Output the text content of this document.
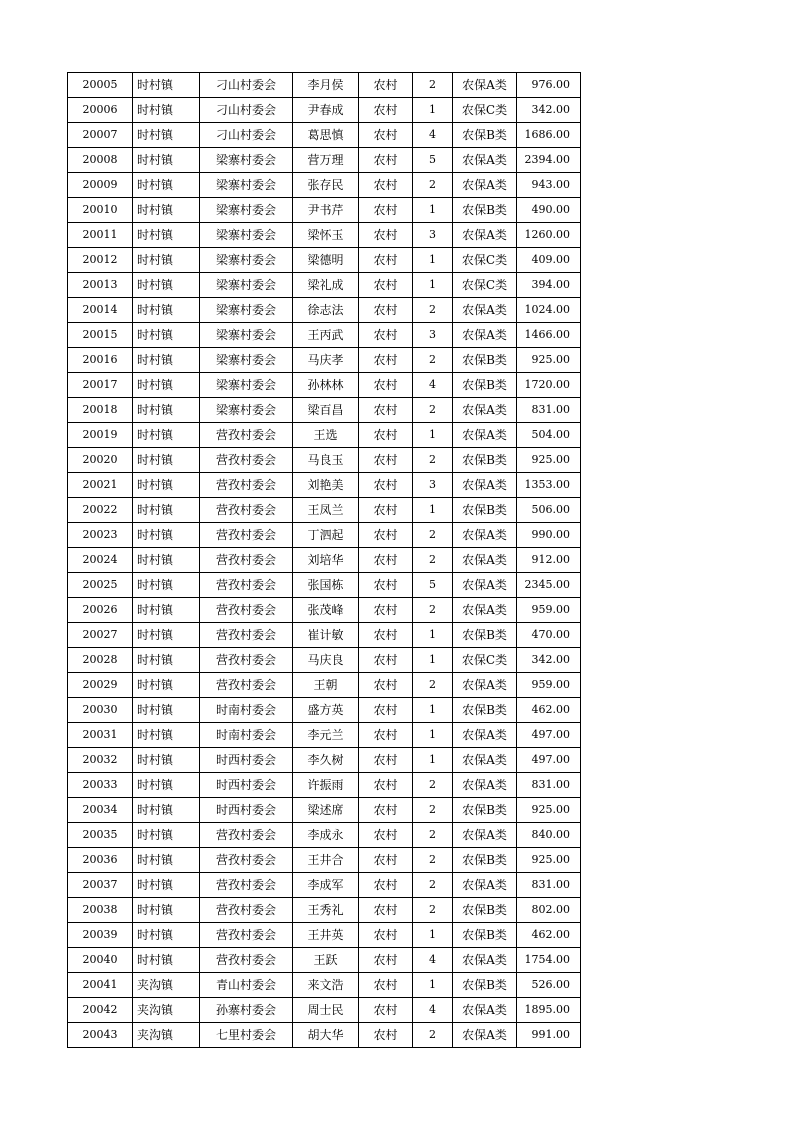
20005	时村镇	刁山村委会	李月侯	农村	2	农保A类	976.00
20006	时村镇	刁山村委会	尹春成	农村	1	农保C类	342.00
20007	时村镇	刁山村委会	葛思慎	农村	4	农保B类	1686.00
20008	时村镇	梁寨村委会	营万理	农村	5	农保A类	2394.00
20009	时村镇	梁寨村委会	张存民	农村	2	农保A类	943.00
20010	时村镇	梁寨村委会	尹书芹	农村	1	农保B类	490.00
20011	时村镇	梁寨村委会	梁怀玉	农村	3	农保A类	1260.00
20012	时村镇	梁寨村委会	梁德明	农村	1	农保C类	409.00
20013	时村镇	梁寨村委会	梁礼成	农村	1	农保C类	394.00
20014	时村镇	梁寨村委会	徐志法	农村	2	农保A类	1024.00
20015	时村镇	梁寨村委会	王丙武	农村	3	农保A类	1466.00
20016	时村镇	梁寨村委会	马庆孝	农村	2	农保B类	925.00
20017	时村镇	梁寨村委会	孙林林	农村	4	农保B类	1720.00
20018	时村镇	梁寨村委会	梁百昌	农村	2	农保A类	831.00
20019	时村镇	营孜村委会	王选	农村	1	农保A类	504.00
20020	时村镇	营孜村委会	马良玉	农村	2	农保B类	925.00
20021	时村镇	营孜村委会	刘艳美	农村	3	农保A类	1353.00
20022	时村镇	营孜村委会	王凤兰	农村	1	农保B类	506.00
20023	时村镇	营孜村委会	丁泗起	农村	2	农保A类	990.00
20024	时村镇	营孜村委会	刘培华	农村	2	农保A类	912.00
20025	时村镇	营孜村委会	张国栋	农村	5	农保A类	2345.00
20026	时村镇	营孜村委会	张茂峰	农村	2	农保A类	959.00
20027	时村镇	营孜村委会	崔计敏	农村	1	农保B类	470.00
20028	时村镇	营孜村委会	马庆良	农村	1	农保C类	342.00
20029	时村镇	营孜村委会	王朝	农村	2	农保A类	959.00
20030	时村镇	时南村委会	盛方英	农村	1	农保B类	462.00
20031	时村镇	时南村委会	李元兰	农村	1	农保A类	497.00
20032	时村镇	时西村委会	李久树	农村	1	农保A类	497.00
20033	时村镇	时西村委会	许振雨	农村	2	农保A类	831.00
20034	时村镇	时西村委会	梁述席	农村	2	农保B类	925.00
20035	时村镇	营孜村委会	李成永	农村	2	农保A类	840.00
20036	时村镇	营孜村委会	王井合	农村	2	农保B类	925.00
20037	时村镇	营孜村委会	李成军	农村	2	农保A类	831.00
20038	时村镇	营孜村委会	王秀礼	农村	2	农保B类	802.00
20039	时村镇	营孜村委会	王井英	农村	1	农保B类	462.00
20040	时村镇	营孜村委会	王跃	农村	4	农保A类	1754.00
20041	夹沟镇	青山村委会	来文浩	农村	1	农保B类	526.00
20042	夹沟镇	孙寨村委会	周士民	农村	4	农保A类	1895.00
20043	夹沟镇	七里村委会	胡大华	农村	2	农保A类	991.00
